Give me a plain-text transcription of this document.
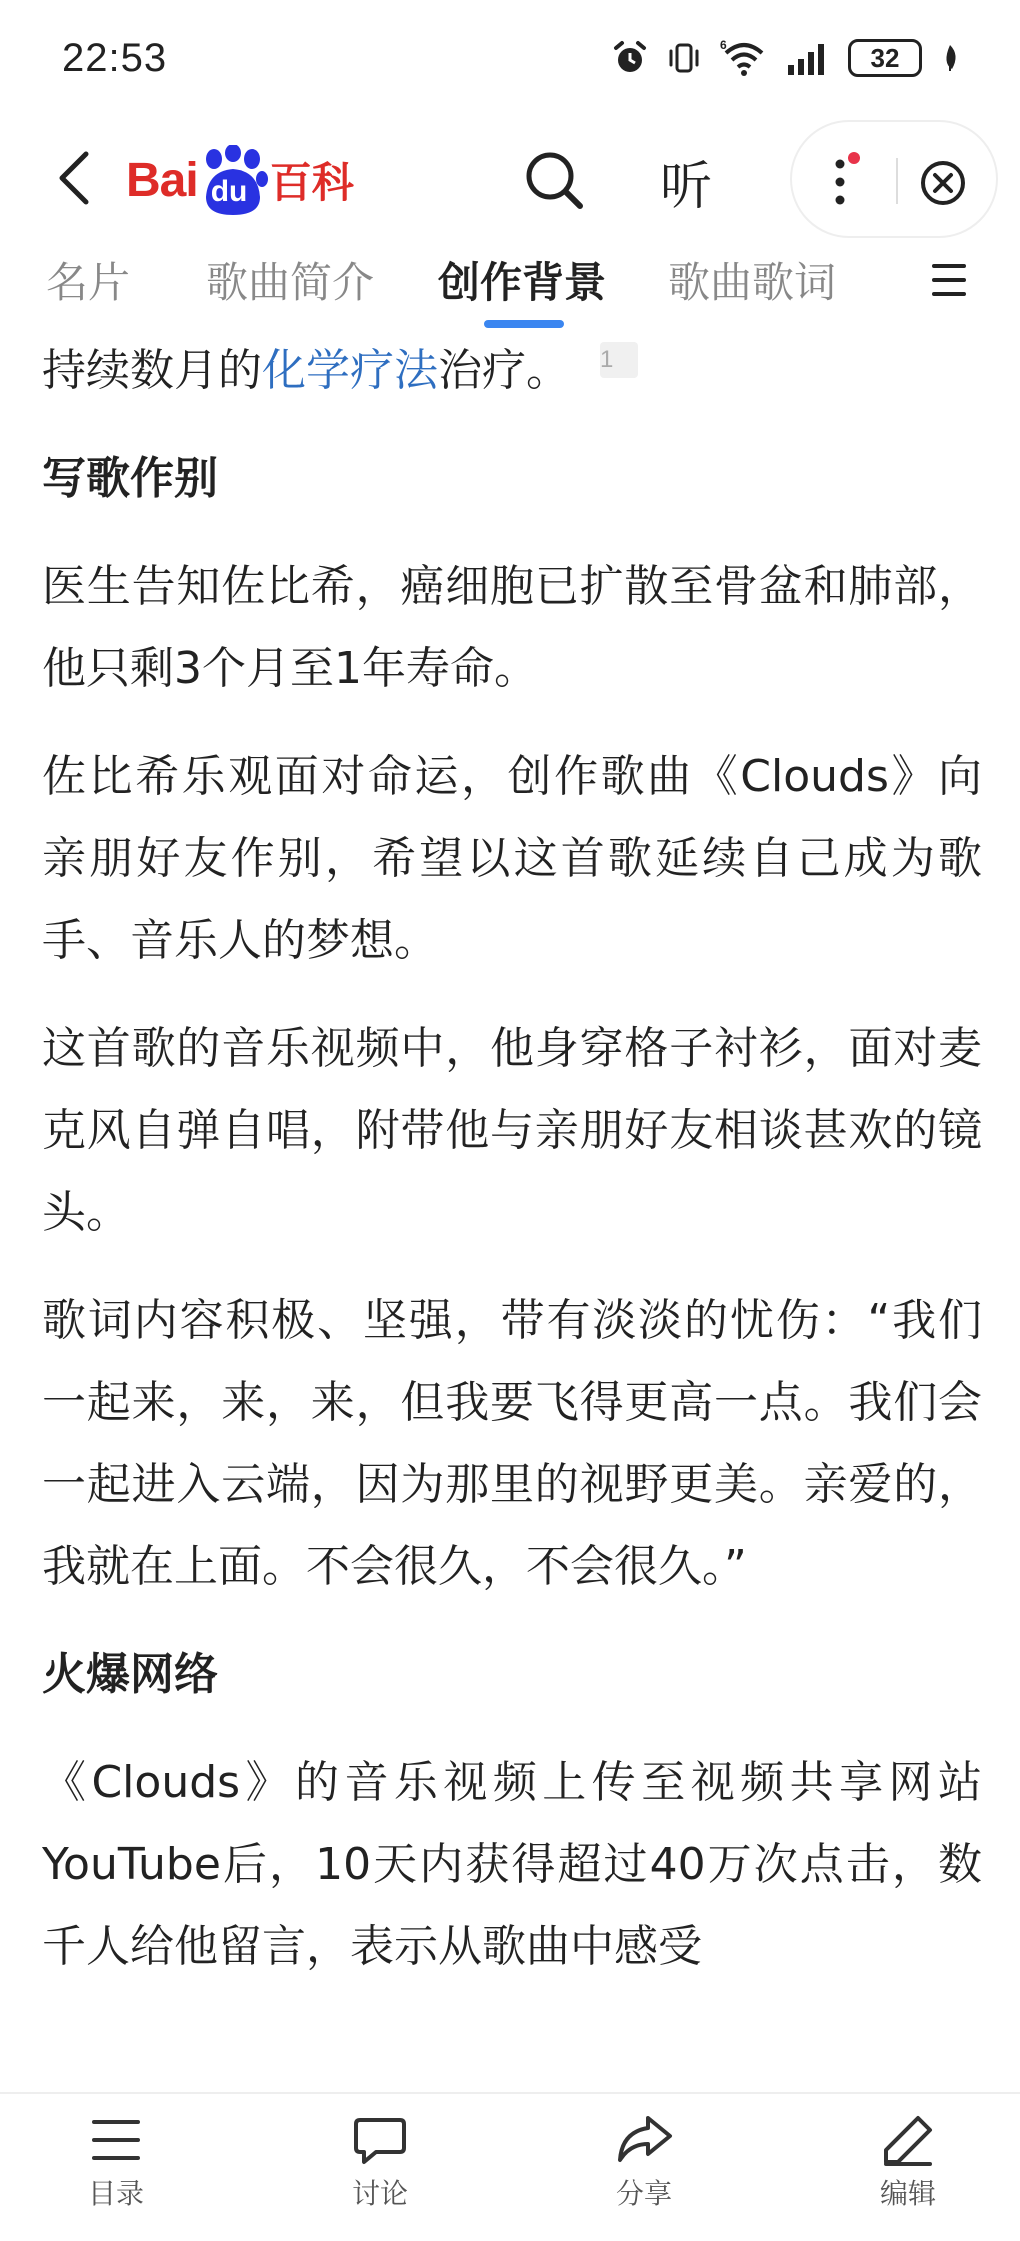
22:53	6	32
Bai du 百科	听
名片 歌曲简介 创作背景 歌曲歌词

持续数月的化学疗法治疗。 1

写歌作别

医生告知佐比希，癌细胞已扩散至骨盆和肺部，他只剩3个月至1年寿命。

佐比希乐观面对命运，创作歌曲《Clouds》向亲朋好友作别，希望以这首歌延续自己成为歌手、音乐人的梦想。

这首歌的音乐视频中，他身穿格子衬衫，面对麦克风自弹自唱，附带他与亲朋好友相谈甚欢的镜头。

歌词内容积极、坚强，带有淡淡的忧伤：“我们一起来，来，来，但我要飞得更高一点。我们会一起进入云端，因为那里的视野更美。亲爱的，我就在上面。不会很久，不会很久。”

火爆网络

《Clouds》的音乐视频上传至视频共享网站YouTube后，10天内获得超过40万次点击，数千人给他留言，表示从歌曲中感受

目录	讨论	分享	编辑
